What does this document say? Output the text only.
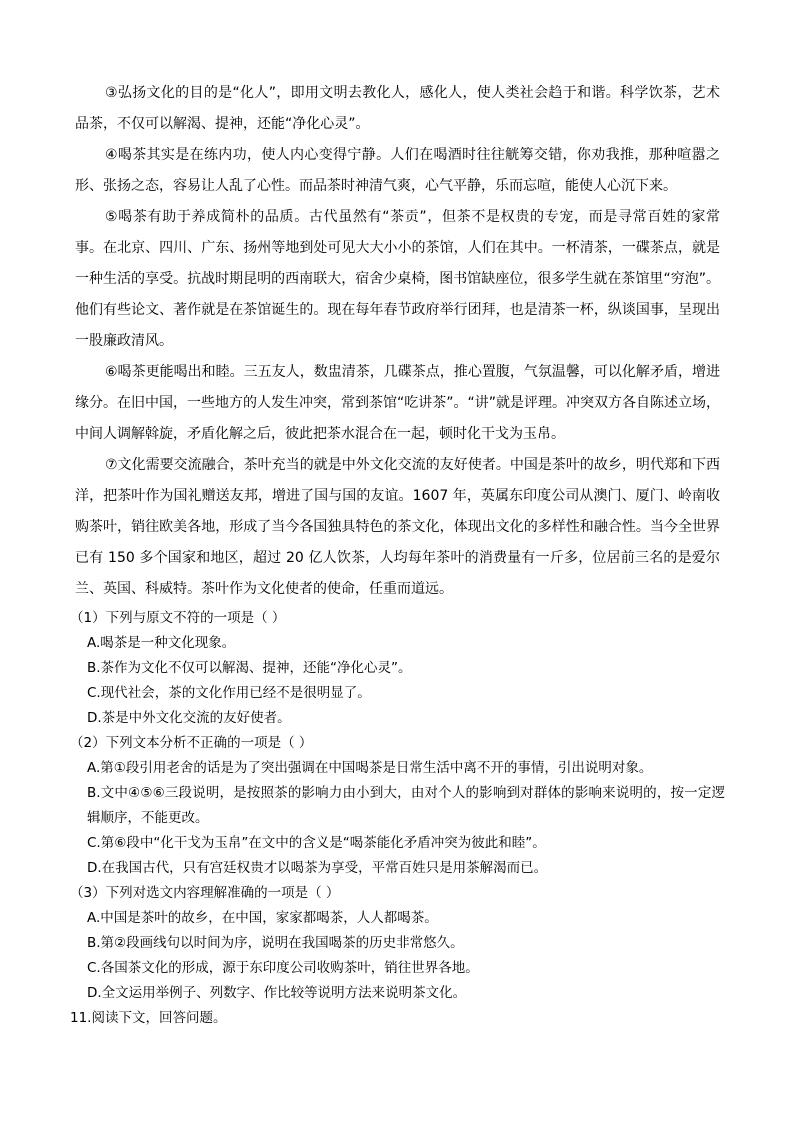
③弘扬文化的目的是“化人”，即用文明去教化人，感化人，使人类社会趋于和谐。科学饮茶，艺术品茶，不仅可以解渴、提神，还能“净化心灵”。

④喝茶其实是在练内功，使人内心变得宁静。人们在喝酒时往往觥筹交错，你劝我推，那种喧嚣之形、张扬之态，容易让人乱了心性。而品茶时神清气爽，心气平静，乐而忘喧，能使人心沉下来。

⑤喝茶有助于养成简朴的品质。古代虽然有“茶贡”，但茶不是权贵的专宠，而是寻常百姓的家常事。在北京、四川、广东、扬州等地到处可见大大小小的茶馆，人们在其中。一杯清茶，一碟茶点，就是一种生活的享受。抗战时期昆明的西南联大，宿舍少桌椅，图书馆缺座位，很多学生就在茶馆里“穷泡”。他们有些论文、著作就是在茶馆诞生的。现在每年春节政府举行团拜，也是清茶一杯，纵谈国事，呈现出一股廉政清风。

⑥喝茶更能喝出和睦。三五友人，数盅清茶，几碟茶点，推心置腹，气氛温馨，可以化解矛盾，增进缘分。在旧中国，一些地方的人发生冲突，常到茶馆“吃讲茶”。“讲”就是评理。冲突双方各自陈述立场，中间人调解斡旋，矛盾化解之后，彼此把茶水混合在一起，顿时化干戈为玉帛。

⑦文化需要交流融合，茶叶充当的就是中外文化交流的友好使者。中国是茶叶的故乡，明代郑和下西洋，把茶叶作为国礼赠送友邦，增进了国与国的友谊。1607 年，英属东印度公司从澳门、厦门、岭南收购茶叶，销往欧美各地，形成了当今各国独具特色的茶文化，体现出文化的多样性和融合性。当今全世界已有 150 多个国家和地区，超过 20 亿人饮茶，人均每年茶叶的消费量有一斤多，位居前三名的是爱尔兰、英国、科威特。茶叶作为文化使者的使命，任重而道远。

（1）下列与原文不符的一项是（ ）

A.喝茶是一种文化现象。

B.茶作为文化不仅可以解渴、提神，还能“净化心灵”。

C.现代社会，茶的文化作用已经不是很明显了。

D.茶是中外文化交流的友好使者。

（2）下列文本分析不正确的一项是（ ）

A.第①段引用老舍的话是为了突出强调在中国喝茶是日常生活中离不开的事情，引出说明对象。

B.文中④⑤⑥三段说明，是按照茶的影响力由小到大，由对个人的影响到对群体的影响来说明的，按一定逻辑顺序，不能更改。

C.第⑥段中“化干戈为玉帛”在文中的含义是“喝茶能化矛盾冲突为彼此和睦”。

D.在我国古代，只有宫廷权贵才以喝茶为享受，平常百姓只是用茶解渴而已。

（3）下列对选文内容理解准确的一项是（ ）

A.中国是茶叶的故乡，在中国，家家都喝茶，人人都喝茶。

B.第②段画线句以时间为序，说明在我国喝茶的历史非常悠久。

C.各国茶文化的形成，源于东印度公司收购茶叶，销往世界各地。

D.全文运用举例子、列数字、作比较等说明方法来说明茶文化。

11.阅读下文，回答问题。
